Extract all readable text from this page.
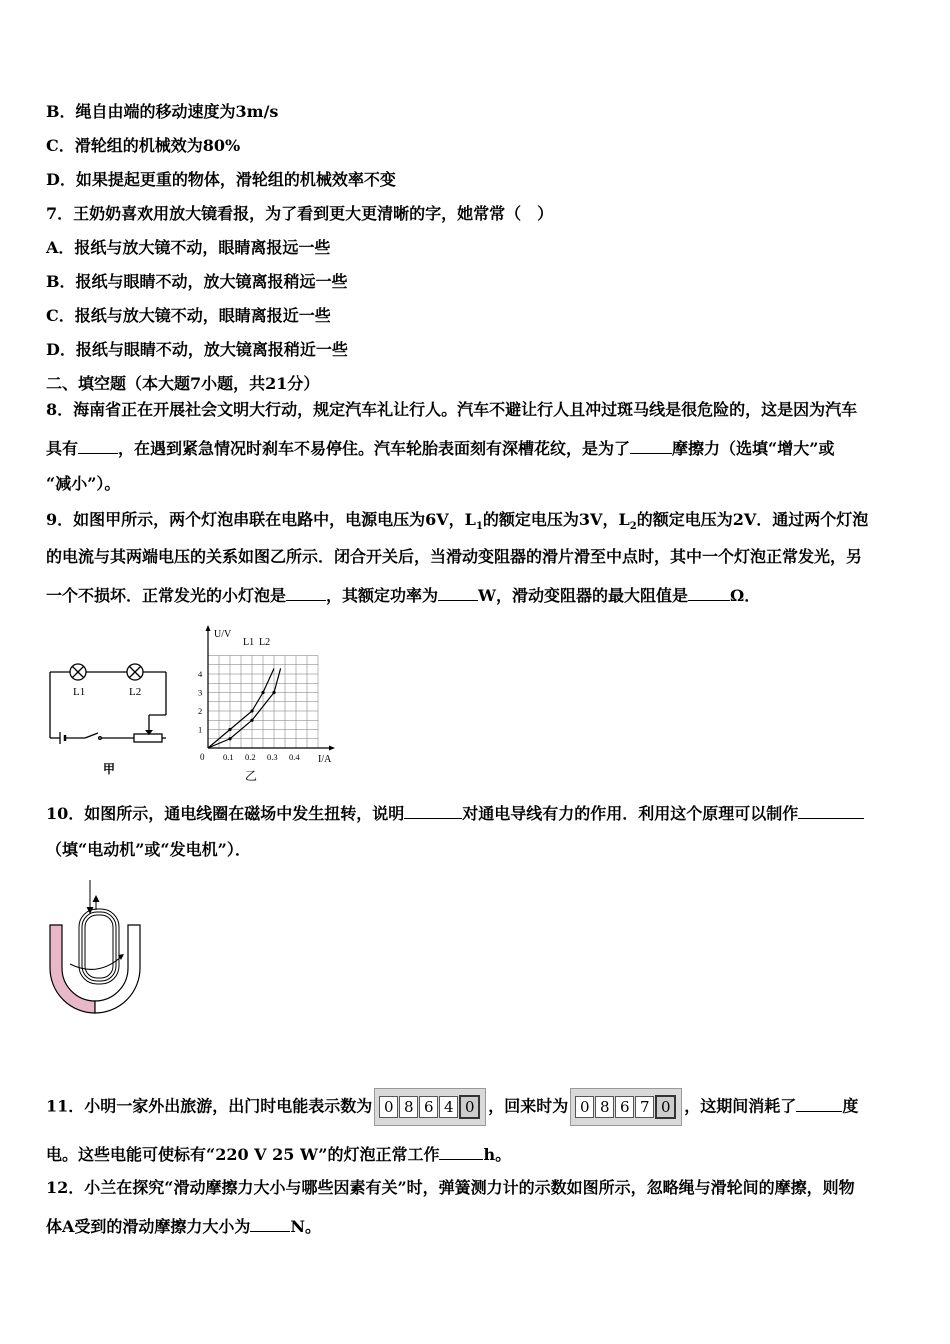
B．绳自由端的移动速度为3m/s
C．滑轮组的机械效为80%
D．如果提起更重的物体，滑轮组的机械效率不变
7．王奶奶喜欢用放大镜看报，为了看到更大更清晰的字，她常常（　）
A．报纸与放大镜不动，眼睛离报远一些
B．报纸与眼睛不动，放大镜离报稍远一些
C．报纸与放大镜不动，眼睛离报近一些
D．报纸与眼睛不动，放大镜离报稍近一些
二、填空题（本大题7小题，共21分）
8．海南省正在开展社会文明大行动，规定汽车礼让行人。汽车不避让行人且冲过斑马线是很危险的，这是因为汽车
具有	，在遇到紧急情况时刹车不易停住。汽车轮胎表面刻有深槽花纹，是为了	摩擦力（选填“增大”或
“减小”）。
9．如图甲所示，两个灯泡串联在电路中，电源电压为6V，$L_1$的额定电压为3V，$L_2$的额定电压为2V．通过两个灯泡
的电流与其两端电压的关系如图乙所示．闭合开关后，当滑动变阻器的滑片滑至中点时，其中一个灯泡正常发光，另
一个不损坏．正常发光的小灯泡是	，其额定功率为	W，滑动变阻器的最大阻值是	Ω．
L1	L2
甲
0.1 0.2 0.3 0.4
1
2
3
4
U/V
L1 L2
0	I/A
乙
10．如图所示，通电线圈在磁场中发生扭转，说明	对通电导线有力的作用．利用这个原理可以制作
（填“电动机”或“发电机”）．
11．小明一家外出旅游，出门时电能表示数为 0 8 6 4 0 ，回来时为 0 8 6 7 0 ，这期间消耗了	度
电。这些电能可使标有“220 V 25 W”的灯泡正常工作	h。
12．小兰在探究“滑动摩擦力大小与哪些因素有关”时，弹簧测力计的示数如图所示，忽略绳与滑轮间的摩擦，则物
体A受到的滑动摩擦力大小为	N。
